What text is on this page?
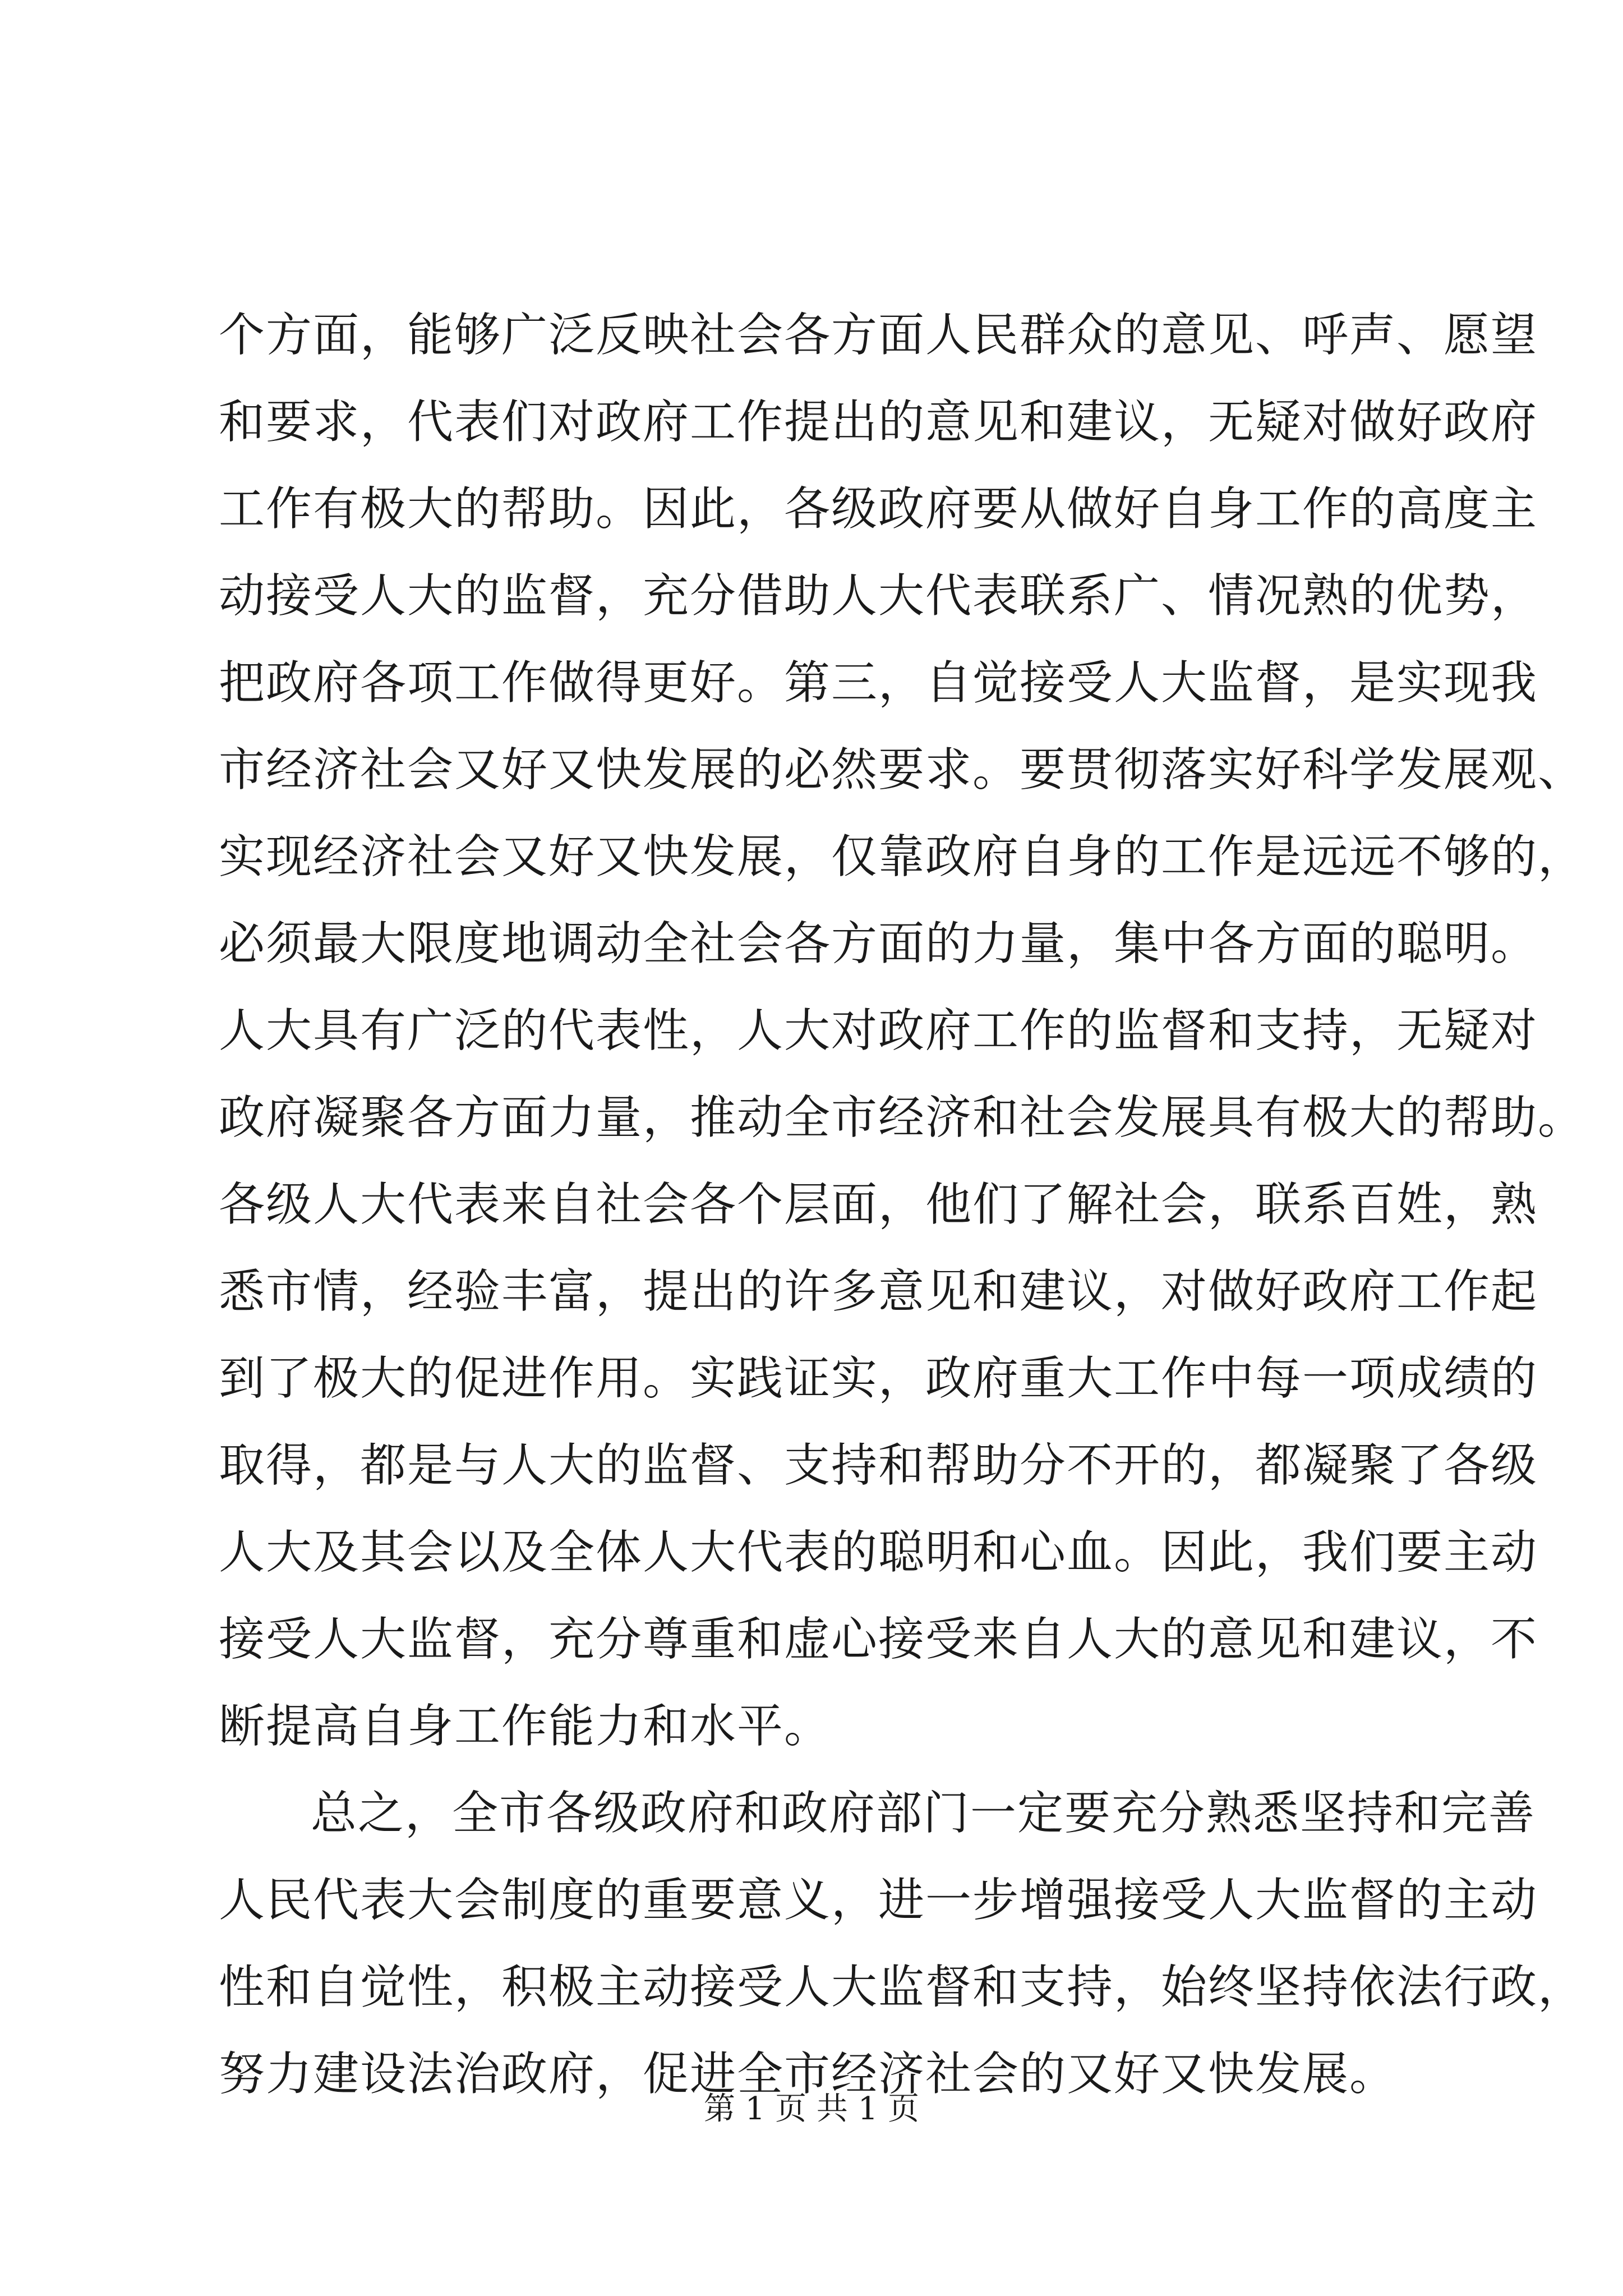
个方面，能够广泛反映社会各方面人民群众的意见、呼声、愿望
和要求，代表们对政府工作提出的意见和建议，无疑对做好政府
工作有极大的帮助。因此，各级政府要从做好自身工作的高度主
动接受人大的监督，充分借助人大代表联系广、情况熟的优势，
把政府各项工作做得更好。第三，自觉接受人大监督，是实现我
市经济社会又好又快发展的必然要求。要贯彻落实好科学发展观、
实现经济社会又好又快发展，仅靠政府自身的工作是远远不够的，
必须最大限度地调动全社会各方面的力量，集中各方面的聪明。
人大具有广泛的代表性，人大对政府工作的监督和支持，无疑对
政府凝聚各方面力量，推动全市经济和社会发展具有极大的帮助。
各级人大代表来自社会各个层面，他们了解社会，联系百姓，熟
悉市情，经验丰富，提出的许多意见和建议，对做好政府工作起
到了极大的促进作用。实践证实，政府重大工作中每一项成绩的
取得，都是与人大的监督、支持和帮助分不开的，都凝聚了各级
人大及其会以及全体人大代表的聪明和心血。因此，我们要主动
接受人大监督，充分尊重和虚心接受来自人大的意见和建议，不
断提高自身工作能力和水平。
总之，全市各级政府和政府部门一定要充分熟悉坚持和完善
人民代表大会制度的重要意义，进一步增强接受人大监督的主动
性和自觉性，积极主动接受人大监督和支持，始终坚持依法行政，
努力建设法治政府，促进全市经济社会的又好又快发展。
第 1 页 共 1 页
